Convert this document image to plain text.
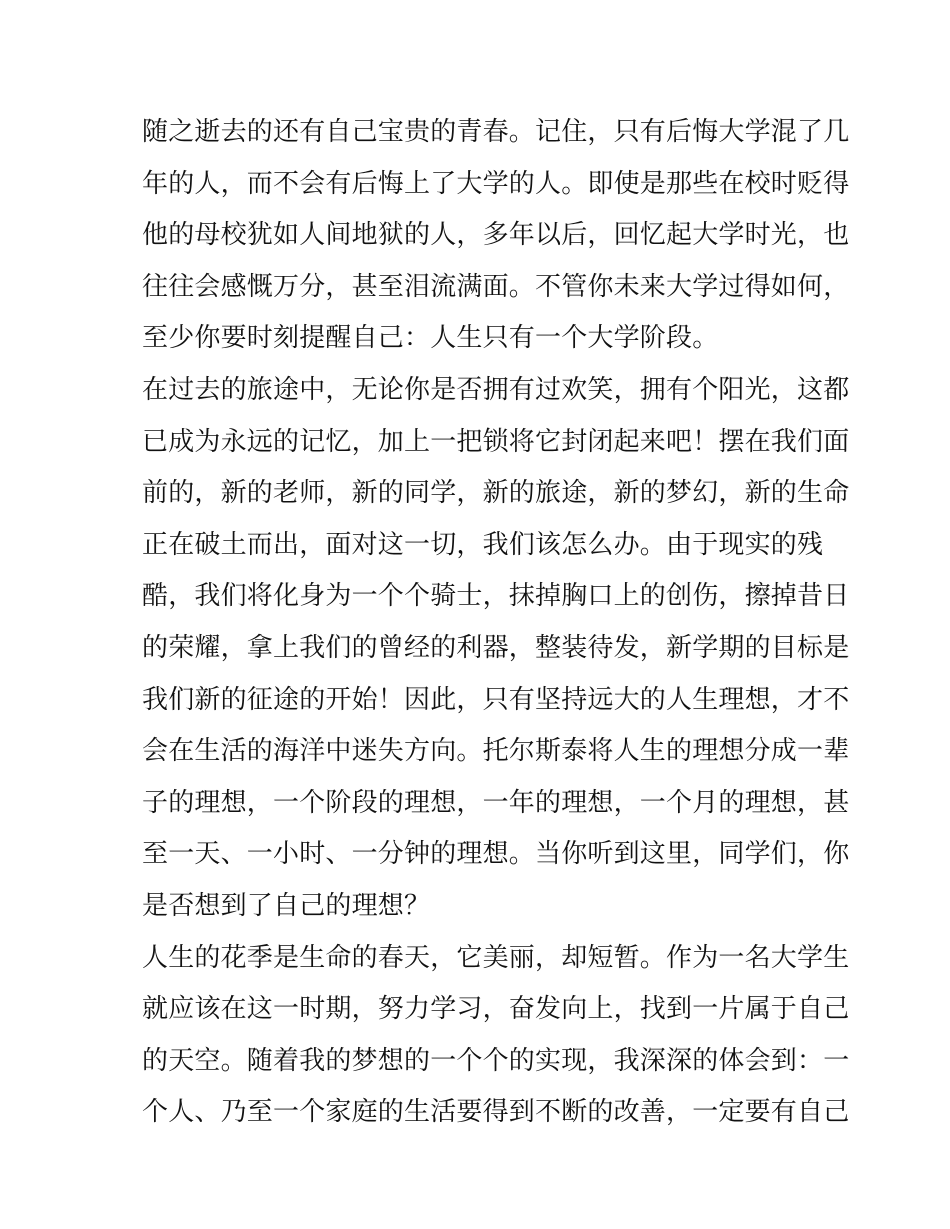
随之逝去的还有自己宝贵的青春。记住，只有后悔大学混了几
年的人，而不会有后悔上了大学的人。即使是那些在校时贬得
他的母校犹如人间地狱的人，多年以后，回忆起大学时光，也
往往会感慨万分，甚至泪流满面。不管你未来大学过得如何，
至少你要时刻提醒自己：人生只有一个大学阶段。
在过去的旅途中，无论你是否拥有过欢笑，拥有个阳光，这都
已成为永远的记忆，加上一把锁将它封闭起来吧！摆在我们面
前的，新的老师，新的同学，新的旅途，新的梦幻，新的生命
正在破土而出，面对这一切，我们该怎么办。由于现实的残
酷，我们将化身为一个个骑士，抹掉胸口上的创伤，擦掉昔日
的荣耀，拿上我们的曾经的利器，整装待发，新学期的目标是
我们新的征途的开始！因此，只有坚持远大的人生理想，才不
会在生活的海洋中迷失方向。托尔斯泰将人生的理想分成一辈
子的理想，一个阶段的理想，一年的理想，一个月的理想，甚
至一天、一小时、一分钟的理想。当你听到这里，同学们，你
是否想到了自己的理想？
人生的花季是生命的春天，它美丽，却短暂。作为一名大学生
就应该在这一时期，努力学习，奋发向上，找到一片属于自己
的天空。随着我的梦想的一个个的实现，我深深的体会到：一
个人、乃至一个家庭的生活要得到不断的改善，一定要有自己
